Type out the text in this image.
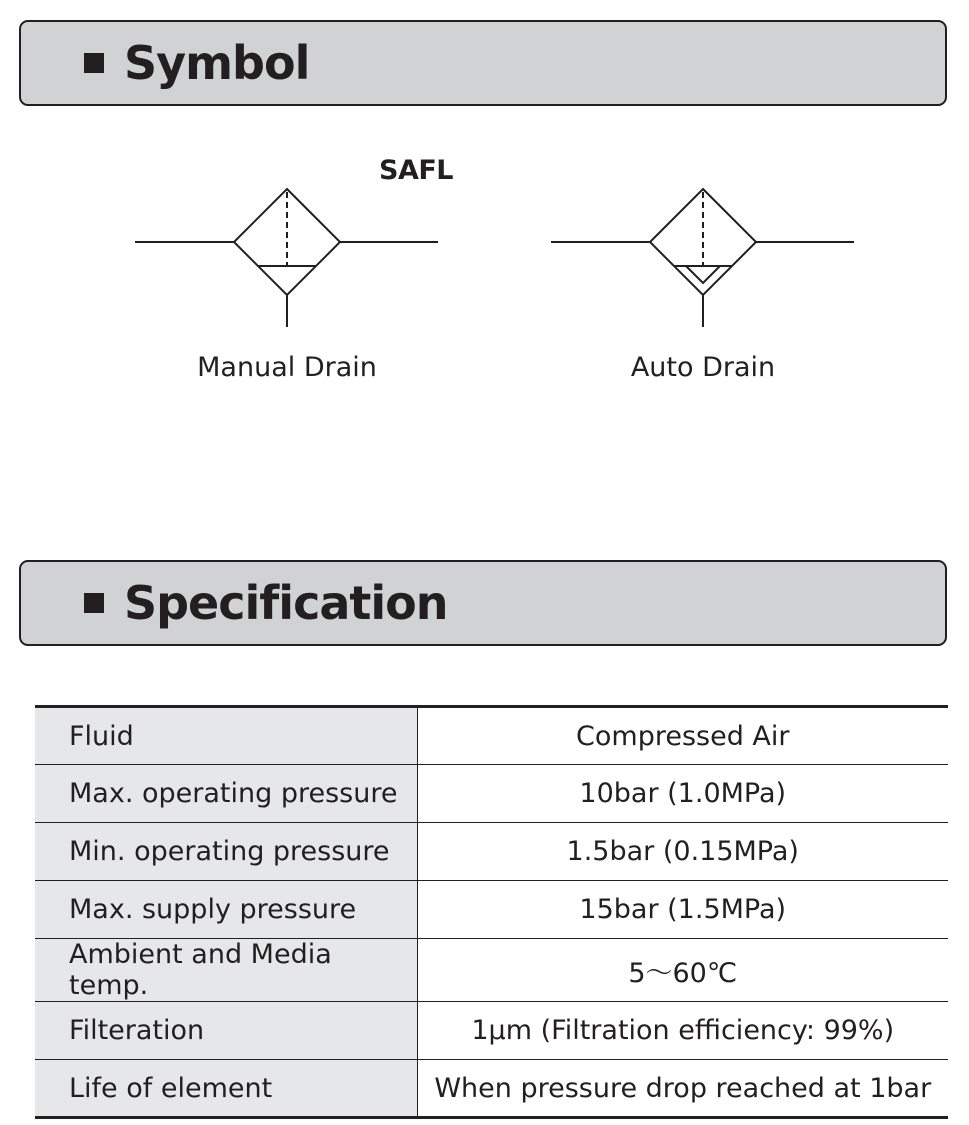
Symbol
SAFL
Manual Drain	Auto Drain
Specification
Fluid	Compressed Air
Max. operating pressure	10bar (1.0MPa)
Min. operating pressure	1.5bar (0.15MPa)
Max. supply pressure	15bar (1.5MPa)
Ambient and Media temp.	5～60℃
Filteration	1μm (Filtration efficiency: 99%)
Life of element	When pressure drop reached at 1bar
